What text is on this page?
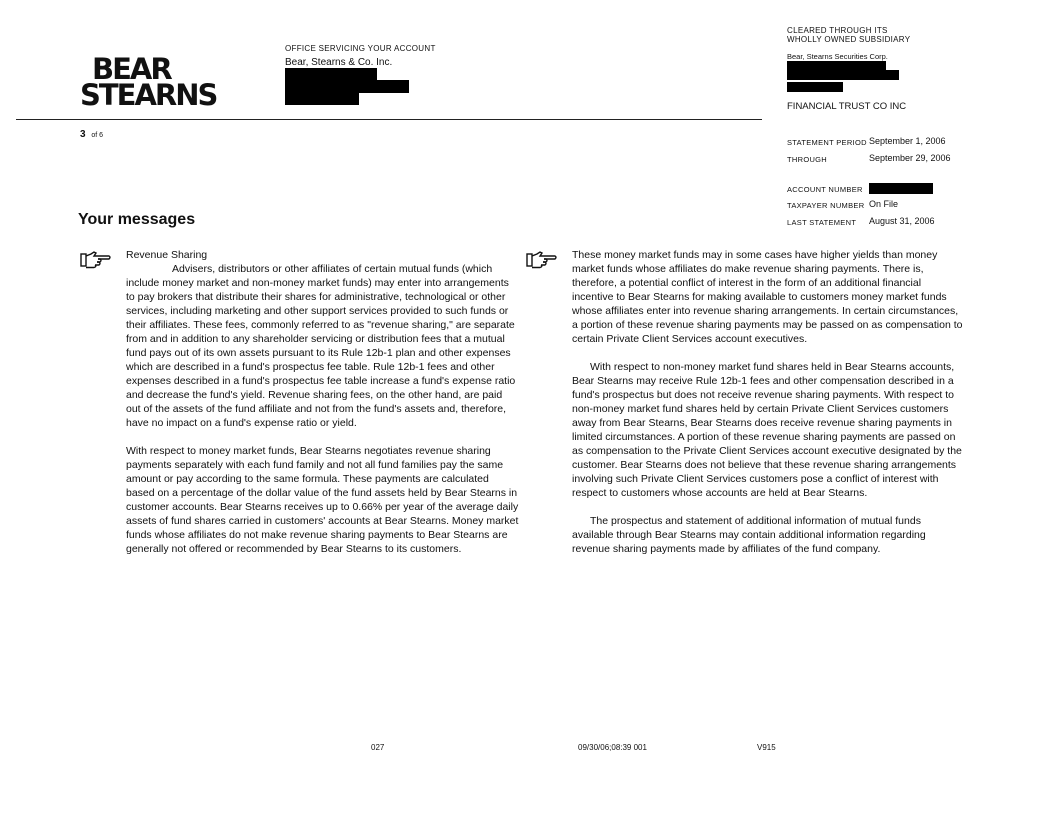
BEAR
STEARNS
OFFICE SERVICING YOUR ACCOUNT
Bear, Stearns & Co. Inc.
CLEARED THROUGH ITS
WHOLLY OWNED SUBSIDIARY
Bear, Stearns Securities Corp.
FINANCIAL TRUST CO INC
3 of 6
STATEMENT PERIOD September 1, 2006
THROUGH	September 29, 2006
ACCOUNT NUMBER
TAXPAYER NUMBER On File
LAST STATEMENT August 31, 2006
Your messages
Revenue Sharing

Advisers, distributors or other affiliates of certain mutual funds (which include money market and non-money market funds) may enter into arrangements to pay brokers that distribute their shares for administrative, technological or other services, including marketing and other support services provided to such funds or their affiliates. These fees, commonly referred to as "revenue sharing," are separate from and in addition to any shareholder servicing or distribution fees that a mutual fund pays out of its own assets pursuant to its Rule 12b-1 plan and other expenses which are described in a fund's prospectus fee table. Rule 12b-1 fees and other expenses described in a fund's prospectus fee table increase a fund's expense ratio and decrease the fund's yield. Revenue sharing fees, on the other hand, are paid out of the assets of the fund affiliate and not from the fund's assets and, therefore, have no impact on a fund's expense ratio or yield.

With respect to money market funds, Bear Stearns negotiates revenue sharing payments separately with each fund family and not all fund families pay the same amount or pay according to the same formula. These payments are calculated based on a percentage of the dollar value of the fund assets held by Bear Stearns in customer accounts. Bear Stearns receives up to 0.66% per year of the average daily assets of fund shares carried in customers' accounts at Bear Stearns. Money market funds whose affiliates do not make revenue sharing payments to Bear Stearns are generally not offered or recommended by Bear Stearns to its customers.

These money market funds may in some cases have higher yields than money market funds whose affiliates do make revenue sharing payments. There is, therefore, a potential conflict of interest in the form of an additional financial incentive to Bear Stearns for making available to customers money market funds whose affiliates enter into revenue sharing arrangements. In certain circumstances, a portion of these revenue sharing payments may be passed on as compensation to certain Private Client Services account executives.

With respect to non-money market fund shares held in Bear Stearns accounts, Bear Stearns may receive Rule 12b-1 fees and other compensation described in a fund's prospectus but does not receive revenue sharing payments. With respect to non-money market fund shares held by certain Private Client Services customers away from Bear Stearns, Bear Stearns does receive revenue sharing payments in limited circumstances. A portion of these revenue sharing payments are passed on as compensation to the Private Client Services account executive designated by the customer. Bear Stearns does not believe that these revenue sharing arrangements involving such Private Client Services customers pose a conflict of interest with respect to customers whose accounts are held at Bear Stearns.

The prospectus and statement of additional information of mutual funds available through Bear Stearns may contain additional information regarding revenue sharing payments made by affiliates of the fund company.

027	09/30/06;08:39 001	V915
